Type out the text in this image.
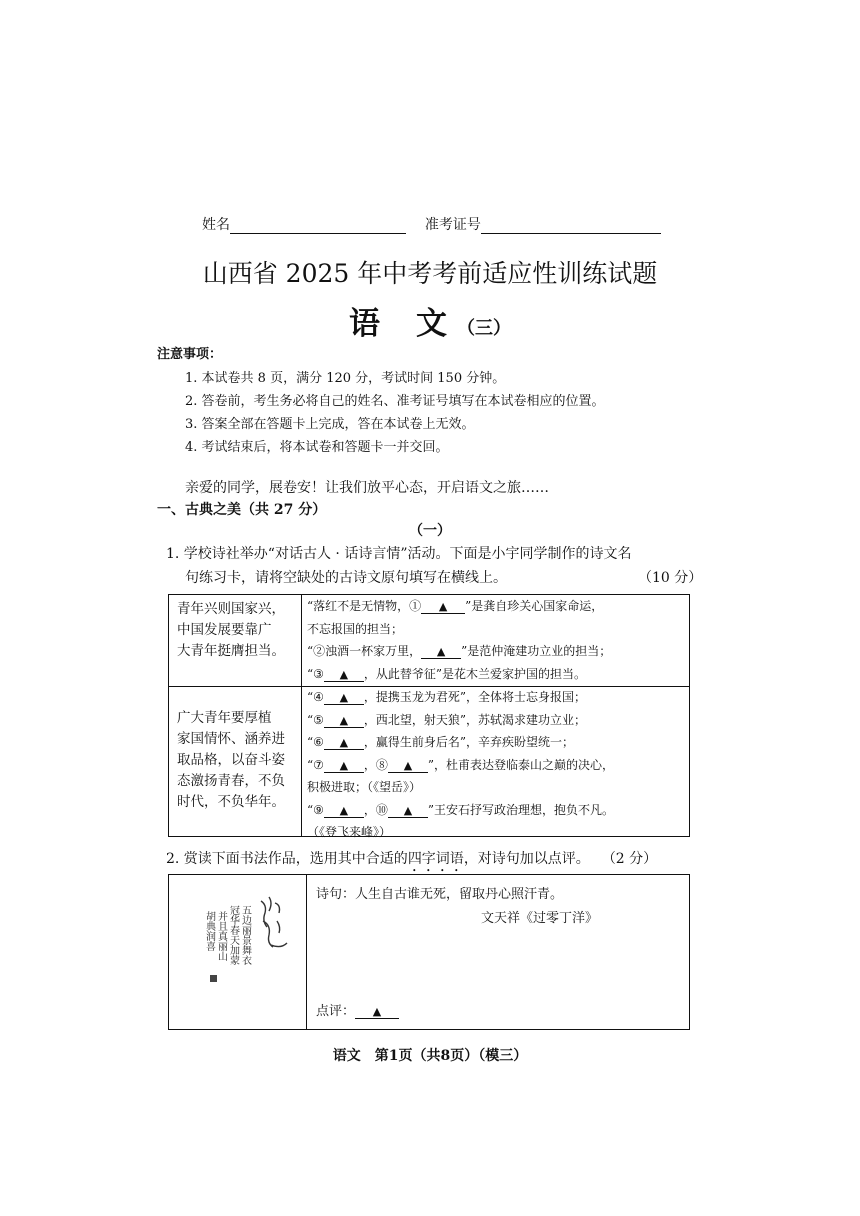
姓名	准考证号
山西省 2025 年中考考前适应性训练试题
语 文 （三）
注意事项：
1. 本试卷共 8 页，满分 120 分，考试时间 150 分钟。
2. 答卷前，考生务必将自己的姓名、准考证号填写在本试卷相应的位置。
3. 答案全部在答题卡上完成，答在本试卷上无效。
4. 考试结束后，将本试卷和答题卡一并交回。
亲爱的同学，展卷安！让我们放平心态，开启语文之旅……
一、古典之美（共 27 分）
（一）
1. 学校诗社举办“对话古人 · 话诗言情”活动。下面是小宇同学制作的诗文名
句练习卡，请将空缺处的古诗文原句填写在横线上。	（10 分）
青年兴则国家兴，
中国发展要靠广
大青年挺膺担当。
“落红不是无情物，① ▲ ”是龚自珍关心国家命运，
不忘报国的担当；
“②浊酒一杯家万里， ▲ ”是范仲淹建功立业的担当；
“③ ▲ ，从此替爷征”是花木兰爱家护国的担当。
广大青年要厚植
家国情怀、涵养进
取品格，以奋斗姿
态激扬青春，不负
时代，不负华年。
“④ ▲ ，提携玉龙为君死”，全体将士忘身报国；
“⑤ ▲ ，西北望，射天狼”，苏轼渴求建功立业；
“⑥ ▲ ，赢得生前身后名”，辛弃疾盼望统一；
“⑦ ▲ ，⑧ ▲ ”，杜甫表达登临泰山之巅的决心，
积极进取；（《望岳》）
“⑨ ▲ ，⑩ ▲ ”王安石抒写政治理想，抱负不凡。
（《登飞来峰》）
2. 赏读下面书法作品，选用其中合适的四字词语，对诗句加以点评。 （2 分）
五边丽景舞衣
冠华春天加蒙
并且真丽山
胡典润喜
诗句：人生自古谁无死，留取丹心照汗青。
文天祥《过零丁洋》
点评： ▲
语文　第1页（共8页）（模三）
